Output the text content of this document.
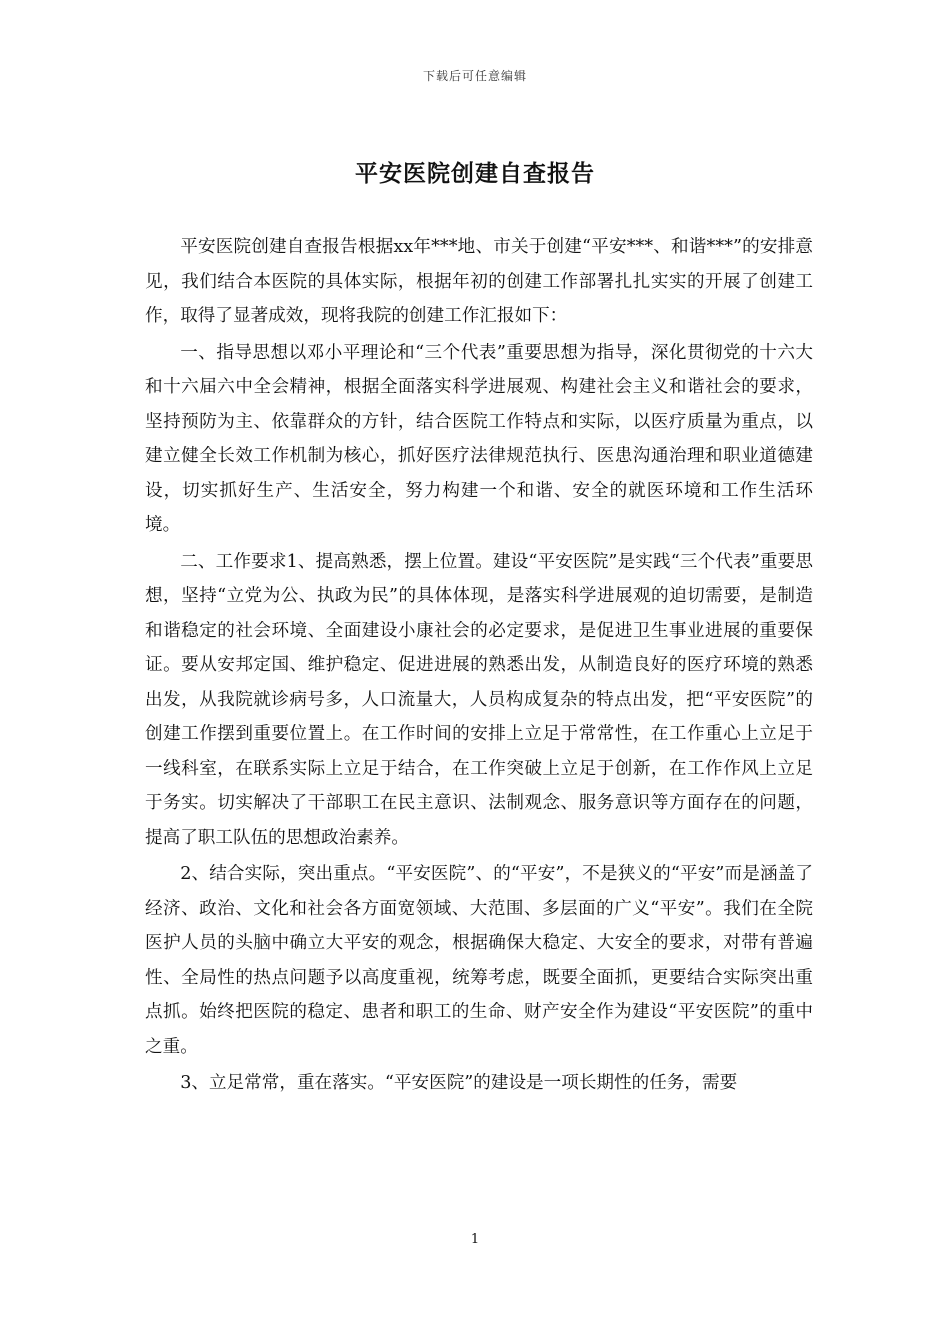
下载后可任意编辑
平安医院创建自查报告

平安医院创建自查报告根据xx年***地、市关于创建“平安***、和谐***”的安排意见，我们结合本医院的具体实际，根据年初的创建工作部署扎扎实实的开展了创建工作，取得了显著成效，现将我院的创建工作汇报如下：

一、指导思想以邓小平理论和“三个代表”重要思想为指导，深化贯彻党的十六大和十六届六中全会精神，根据全面落实科学进展观、构建社会主义和谐社会的要求，坚持预防为主、依靠群众的方针，结合医院工作特点和实际，以医疗质量为重点，以建立健全长效工作机制为核心，抓好医疗法律规范执行、医患沟通治理和职业道德建设，切实抓好生产、生活安全，努力构建一个和谐、安全的就医环境和工作生活环境。

二、工作要求1、提高熟悉，摆上位置。建设“平安医院”是实践“三个代表”重要思想，坚持“立党为公、执政为民”的具体体现，是落实科学进展观的迫切需要，是制造和谐稳定的社会环境、全面建设小康社会的必定要求，是促进卫生事业进展的重要保证。要从安邦定国、维护稳定、促进进展的熟悉出发，从制造良好的医疗环境的熟悉出发，从我院就诊病号多，人口流量大，人员构成复杂的特点出发，把“平安医院”的创建工作摆到重要位置上。在工作时间的安排上立足于常常性，在工作重心上立足于一线科室，在联系实际上立足于结合，在工作突破上立足于创新，在工作作风上立足于务实。切实解决了干部职工在民主意识、法制观念、服务意识等方面存在的问题，提高了职工队伍的思想政治素养。

2、结合实际，突出重点。“平安医院”、的“平安”，不是狭义的“平安”而是涵盖了经济、政治、文化和社会各方面宽领域、大范围、多层面的广义“平安”。我们在全院医护人员的头脑中确立大平安的观念，根据确保大稳定、大安全的要求，对带有普遍性、全局性的热点问题予以高度重视，统筹考虑，既要全面抓，更要结合实际突出重点抓。始终把医院的稳定、患者和职工的生命、财产安全作为建设“平安医院”的重中之重。

3、立足常常，重在落实。“平安医院”的建设是一项长期性的任务，需要

1
